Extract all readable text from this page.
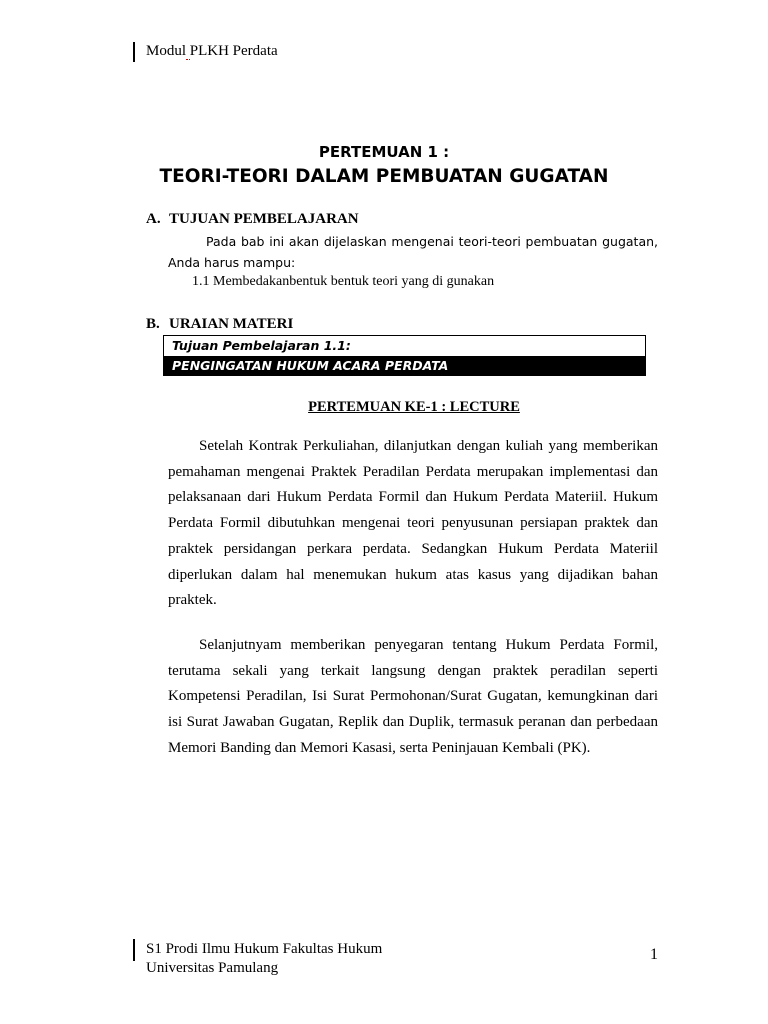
Modul PLKH Perdata
PERTEMUAN 1 :
TEORI-TEORI DALAM PEMBUATAN GUGATAN
A. TUJUAN PEMBELAJARAN
Pada bab ini akan dijelaskan mengenai teori-teori pembuatan gugatan, Anda harus mampu:
1.1 Membedakanbentuk bentuk teori yang di gunakan
B. URAIAN MATERI
Tujuan Pembelajaran 1.1:
PENGINGATAN HUKUM ACARA PERDATA
PERTEMUAN KE-1 : LECTURE
Setelah Kontrak Perkuliahan, dilanjutkan dengan kuliah yang memberikan pemahaman mengenai Praktek Peradilan Perdata merupakan implementasi dan pelaksanaan dari Hukum Perdata Formil dan Hukum Perdata Materiil. Hukum Perdata Formil dibutuhkan mengenai teori penyusunan persiapan praktek dan praktek persidangan perkara perdata. Sedangkan Hukum Perdata Materiil diperlukan dalam hal menemukan hukum atas kasus yang dijadikan bahan praktek.
Selanjutnyam memberikan penyegaran tentang Hukum Perdata Formil, terutama sekali yang terkait langsung dengan praktek peradilan seperti Kompetensi Peradilan, Isi Surat Permohonan/Surat Gugatan, kemungkinan dari isi Surat Jawaban Gugatan, Replik dan Duplik, termasuk peranan dan perbedaan Memori Banding dan Memori Kasasi, serta Peninjauan Kembali (PK).
S1 Prodi Ilmu Hukum Fakultas Hukum
Universitas Pamulang
1
